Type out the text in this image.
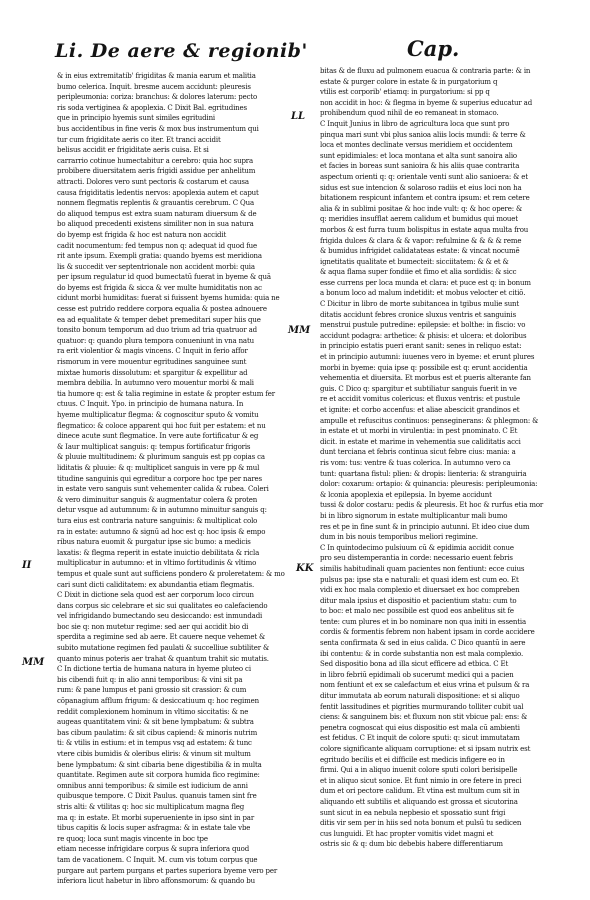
Li. De aere & regionib'	Cap.
II
MM
LL
MM
KK
& in eius extremitatib' frigiditas & mania earum et malitia
bumo celerica. Inquit. bresme aucem accidunt: pleuresis
peripleumonia: coriza: branchus: & dolores laterum: pecto
ris soda vertiginea & apoplexia. C Dixit Bal. egritudines
que in principio hyemis sunt similes egritudini
bus accidentibus in fine veris & mox bus instrumentum qui
tur cum frigiditate aeris co iter. Et tranci accidit
belisus accidit er frigiditate aeris cuisa. Et si
carrarrio cotinue humectabitur a cerebro: quia hoc supra
probibere diuersitatem aeris frigidi assidue per anhelitum
attracti. Dolores vero sunt pectoris & costarum et causa
causa frigiditatis ledentis nervos: apoplexia autem et caput
nonnem flegmatis replentis & grauantis cerebrum. C Qua
do aliquod tempus est extra suam naturam diuersum & de
bo aliquod precedenti existens similiter non in sua natura
do byemp est frigida & hoc est natura non accidit
cadit nocumentum: fed tempus non q: adequat id quod fue
rit ante ipsum. Exempli gratia: quando byems est meridiona
lis & succedit ver septentrionale non accident morbi: quia
per ipsum regulatur id quod bumectatū fuerat in byeme & quā
do byems est frigida & sicca & ver multe humiditatis non ac
cidunt morbi humiditas: fuerat si fuissent byems humida: quia ne
cesse est putrido reddere corpora equalia & postea adnouere
ea ad equalitate & temper debet premeditari super hiis que
tonsito bonum temporum ad duo trium ad tria quatruor ad
quatuor: q: quando plura tempora conueniunt in vna natu
ra erit violentior & magis vincens. C Inquit in ferio affor
rismorum in vere mouentur egritudines sanguinee sunt
mixtae humoris dissolutum: et spargitur & expellitur ad
membra debilia. In autumno vero mouentur morbi & mali
tia humore q: est & talia regimine in estate & propter estum fer
ctuus. C Inquit. Ypo. in principio de humana natura. In
hyeme multiplicatur flegma: & cognoscitur sputo & vomitu
flegmatico: & coloce apparent qui hoc fuit per estatem: et nu
dinece acute sunt flegmatice. In vere aute fortificatur & eg
& Iaur multiplicat sanguis: q: tempus fortificatur frigoris
& pluuie multitudinem: & plurimum sanguis est pp copias ca
liditatis & pluuie: & q: multiplicet sanguis in vere pp & mul
titudine sanguinis qui egreditur a corpore hoc tpe per nares
in estate vero sanguis sunt vehementer calida & rubea. Coleri
& vero diminuitur sanguis & augmentatur colera & proten
detur vsque ad autumnum: & in autumno minuitur sanguis q:
tura eius est contraria nature sanguinis: & multiplicat colo
ra in estate: autumno & signū ad hoc est q: hoc ipsis & empo
ribus natura euomit & purgatur ipse sic bumo: a medicis
laxatis: & flegma reperit in estate inuictio debilitata & ricla
multiplicatur in autumno: et in vltimo fortitudinis & vltimo
tempus et quale sunt aut sufficiens pondero & proleretatem: & mo
cari sunt dicti caliditatem: ex abundantia etiam flegmatis.
C Dixit in dictione sela quod est aer corporum loco circun
dans corpus sic celebrare et sic sui qualitates eo calefaciendo
vel infrigidando bumectando seu desiccando: est inmundadi
boc sie q: non mutetur regime: sed aer qui accidit bio di
sperdita a regimine sed ab aere. Et cauere neque vehemet &
subito mutatione regimen fed paulati & succelliue subtiliter &
quanto minus poteris aer trahat & quantum trahit sic mutatis.
C In dictione tertia de humana natura in hyeme pluteo ci
bis cibendi fuit q: in alio anni temporibus: & vini sit pa
rum: & pane lumpus et pani grossio sit crassior: & cum
cōpanagium afflum frigum: & desiccatiuum q: hoc regimen
reddit complexionem hominum in vltimo siccitatis: & ne
augeas quantitatem vini: & sit bene lympbatum: & subtra
bas cibum paulatim: & sit cibus capiend: & minoris nutrim
ti: & vtilis in estium: et in tempus vsq ad estatem: & tunc
vtere cibis bumidis & oleribus eliris: & vinum sit multum
bene lympbatum: & sint cibaria bene digestibilia & in multa
quantitate. Regimen aute sit corpora humida fico regimine:
omnibus anni temporibus: & simile est iudicium de anni
quibusque tempore. C Dixit Paulus. quanuis tamen sint fre
stris alti: & vtilitas q: hoc sic multiplicatum magna fleg
ma q: in estate. Et morbi superueniente in ipso sint in par
tibus capitis & locis super asfragma: & in estate tale vbe
re quoq; loca sunt magis vincente in boc tpe
etiam necesse infrigidare corpus & supra inferiora quod
tam de vacationem. C Inquit. M. cum vis totum corpus que
purgare aut partem purgans et partes superiora byeme vero per
inferiora licut habetur in libro affonsmorum: & quando bu
bitas & de fluxu ad pulmonem euacua & contraria parte: & in
estate & purger colore in estate & in purgatorium q
vtilis est corporib' etiamq: in purgatorium: si pp q
non accidit in hoc: & flegma in byeme & superius educatur ad
prohibendum quod nihil de eo remaneat in stomaco.
C Inquit Junius in libro de agricultura loca que sunt pro
pinqua mari sunt vbi plus sanioa aliis locis mundi: & terre &
loca et montes declinate versus meridiem et occidentem
sunt epidimiales: et loca montana et alta sunt sanoira alio
et facies in boreas sunt sanioira & his aliis quae contrarita
aspectum orienti q: q: orientale venti sunt alio sanioera: & et
sidus est sue intencion & solaroso radiis et eius loci non ha
bitationem respicunt infantem et contra ipsum: et rem cetere
alia & in sublimi positae & hoc inde vult: q: & hoc opere: &
q: meridies insufflat aerem calidum et bumidus qui mouet
morbos & est furra tuum bolispitus in estate aqua multa frou
frigida dulces & clara & & vapor: refulmine & & & & reme
& bumidus infrigidet calidatateas estate: & vincat nocumē
ignetitatis qualitate et bumecteit: sicciitatem: & & et &
& aqua flama super fondiie et fimo et alia sordidis: & sicc
esse currens per loca munda et clara: et puce est q: in bonum
a bonum loco ad malum indetidit: et mobus velocter et citiō.
C Dicitur in libro de morte subitancea in tgibus mulie sunt
ditatis accidunt febres cronice sluxus ventris et sanguinis
menstrui pustule putredine: epilepsie: et bolthe: in fiscio: vo
accidunt podagra: arthetice: & phisis: et ulcera: et doloribus
in principio estatis pueri erant sanit: senes in reliquo estat:
et in principio autumni: iuuenes vero in byeme: et erunt plures
morbi in byeme: quia ipse q: possibile est q: erunt accidentia
vehementia et diuersita. Et morbus est et pueris alterante fan
guis. C Dico q: spargitur et subtiliatur sanguis fuerit in ve
re et accidit vomitus colericus: et fluxus ventris: et pustule
et ignite: et corbo accenfus: et aliae abescicit grandinos et
ampulle et refuscitus continuos: penseginerans: & phlegmon: &
in estate et ut morbi in virulentia: in pest pnominato. C Et
dicit. in estate et marime in vehementia sue caliditatis acci
dunt terciana et febris continua sicut febre cius: mania: a
ris vom: tus: ventre & tuas colerica. In autumno vero ca
tunt: quartana fistul: plien: & dropis: lienteria: & stranguiria
dolor: coxarum: ortapio: & quinancia: pleuresis: peripleumonia:
& lconia apoplexia et epilepsia. In byeme accidunt
tussi & dolor costaru: pedis & pleuresis. Et hoc & rurfus etia mor
bi in libro signorum in estate multiplicantur mali bumo
res et pe in fine sunt & in principio autunni. Et ideo ciue dum
dum in bis nouis temporibus meliori regimine.
C In quintodecimo pulsiuum cū & epidimia accidit conue
pro seu distemperantia in corde: necessario euent febris
similis habitudinali quam pacientes non fentiunt: ecce cuius
pulsus pa: ipse sta e naturali: et quasi idem est cum eo. Et
vidi ex hoc mala complexio et diuersaet ex hoc compreben
ditur mala ipsius et dispositio et pacientium statu: cum to
to boc: et malo nec possibile est quod eos anbelitus sit fe
tente: cum plures et in bo nominare non qua initi in essentia
cordis & formentis febrem non habent ipsam in corde accidere
senta confirmata & sed in eius calida. C Dico quantū in aere
ibi contentu: & in corde substantia non est mala complexio.
Sed dispositio bona ad illa sicut efficere ad etbica. C Et
in libro febriū epidimali ob sucerumt medici qui a pacien
nom fentiunt et ex se calefactum et eius vrina et pulsum & ra
ditur immutata ab eorum naturali dispositione: et si aliquo
fentit lassitudines et pigrities murmurando tolliter cubit ual
ciens: & sanguinem bis: et fluxum non stit vbicue pal: ens: &
penetra cognoscat qui eius dispositio est mala cū ambienti
est fetidus. C Et inquit de colore sputi: q: sicut immutatam
colore significante aliquam corruptione: et si ipsam nutrix est
egritudo becilis et ei difficile est medicis infigere eo in
firmi. Qui a in aliquo inuenit colore sputi colori berisipelle
et in aliquo sicut sonice. Et funt nimio in ore fetere in preci
dum et ori pectore calidum. Et vtina est multum cum sit in
aliquando ett subtilis et aliquando est grossa et sicutorina
sunt sicut in ea nebula nepbesio et spossatio sunt frigi
ditis vir sem per in hiis sed nota bonum et pulsū tu sedicen
cus lunguidi. Et hac propter vomitis videt magni et
ostris sic & q: dum bic debebis habere differentiarum
